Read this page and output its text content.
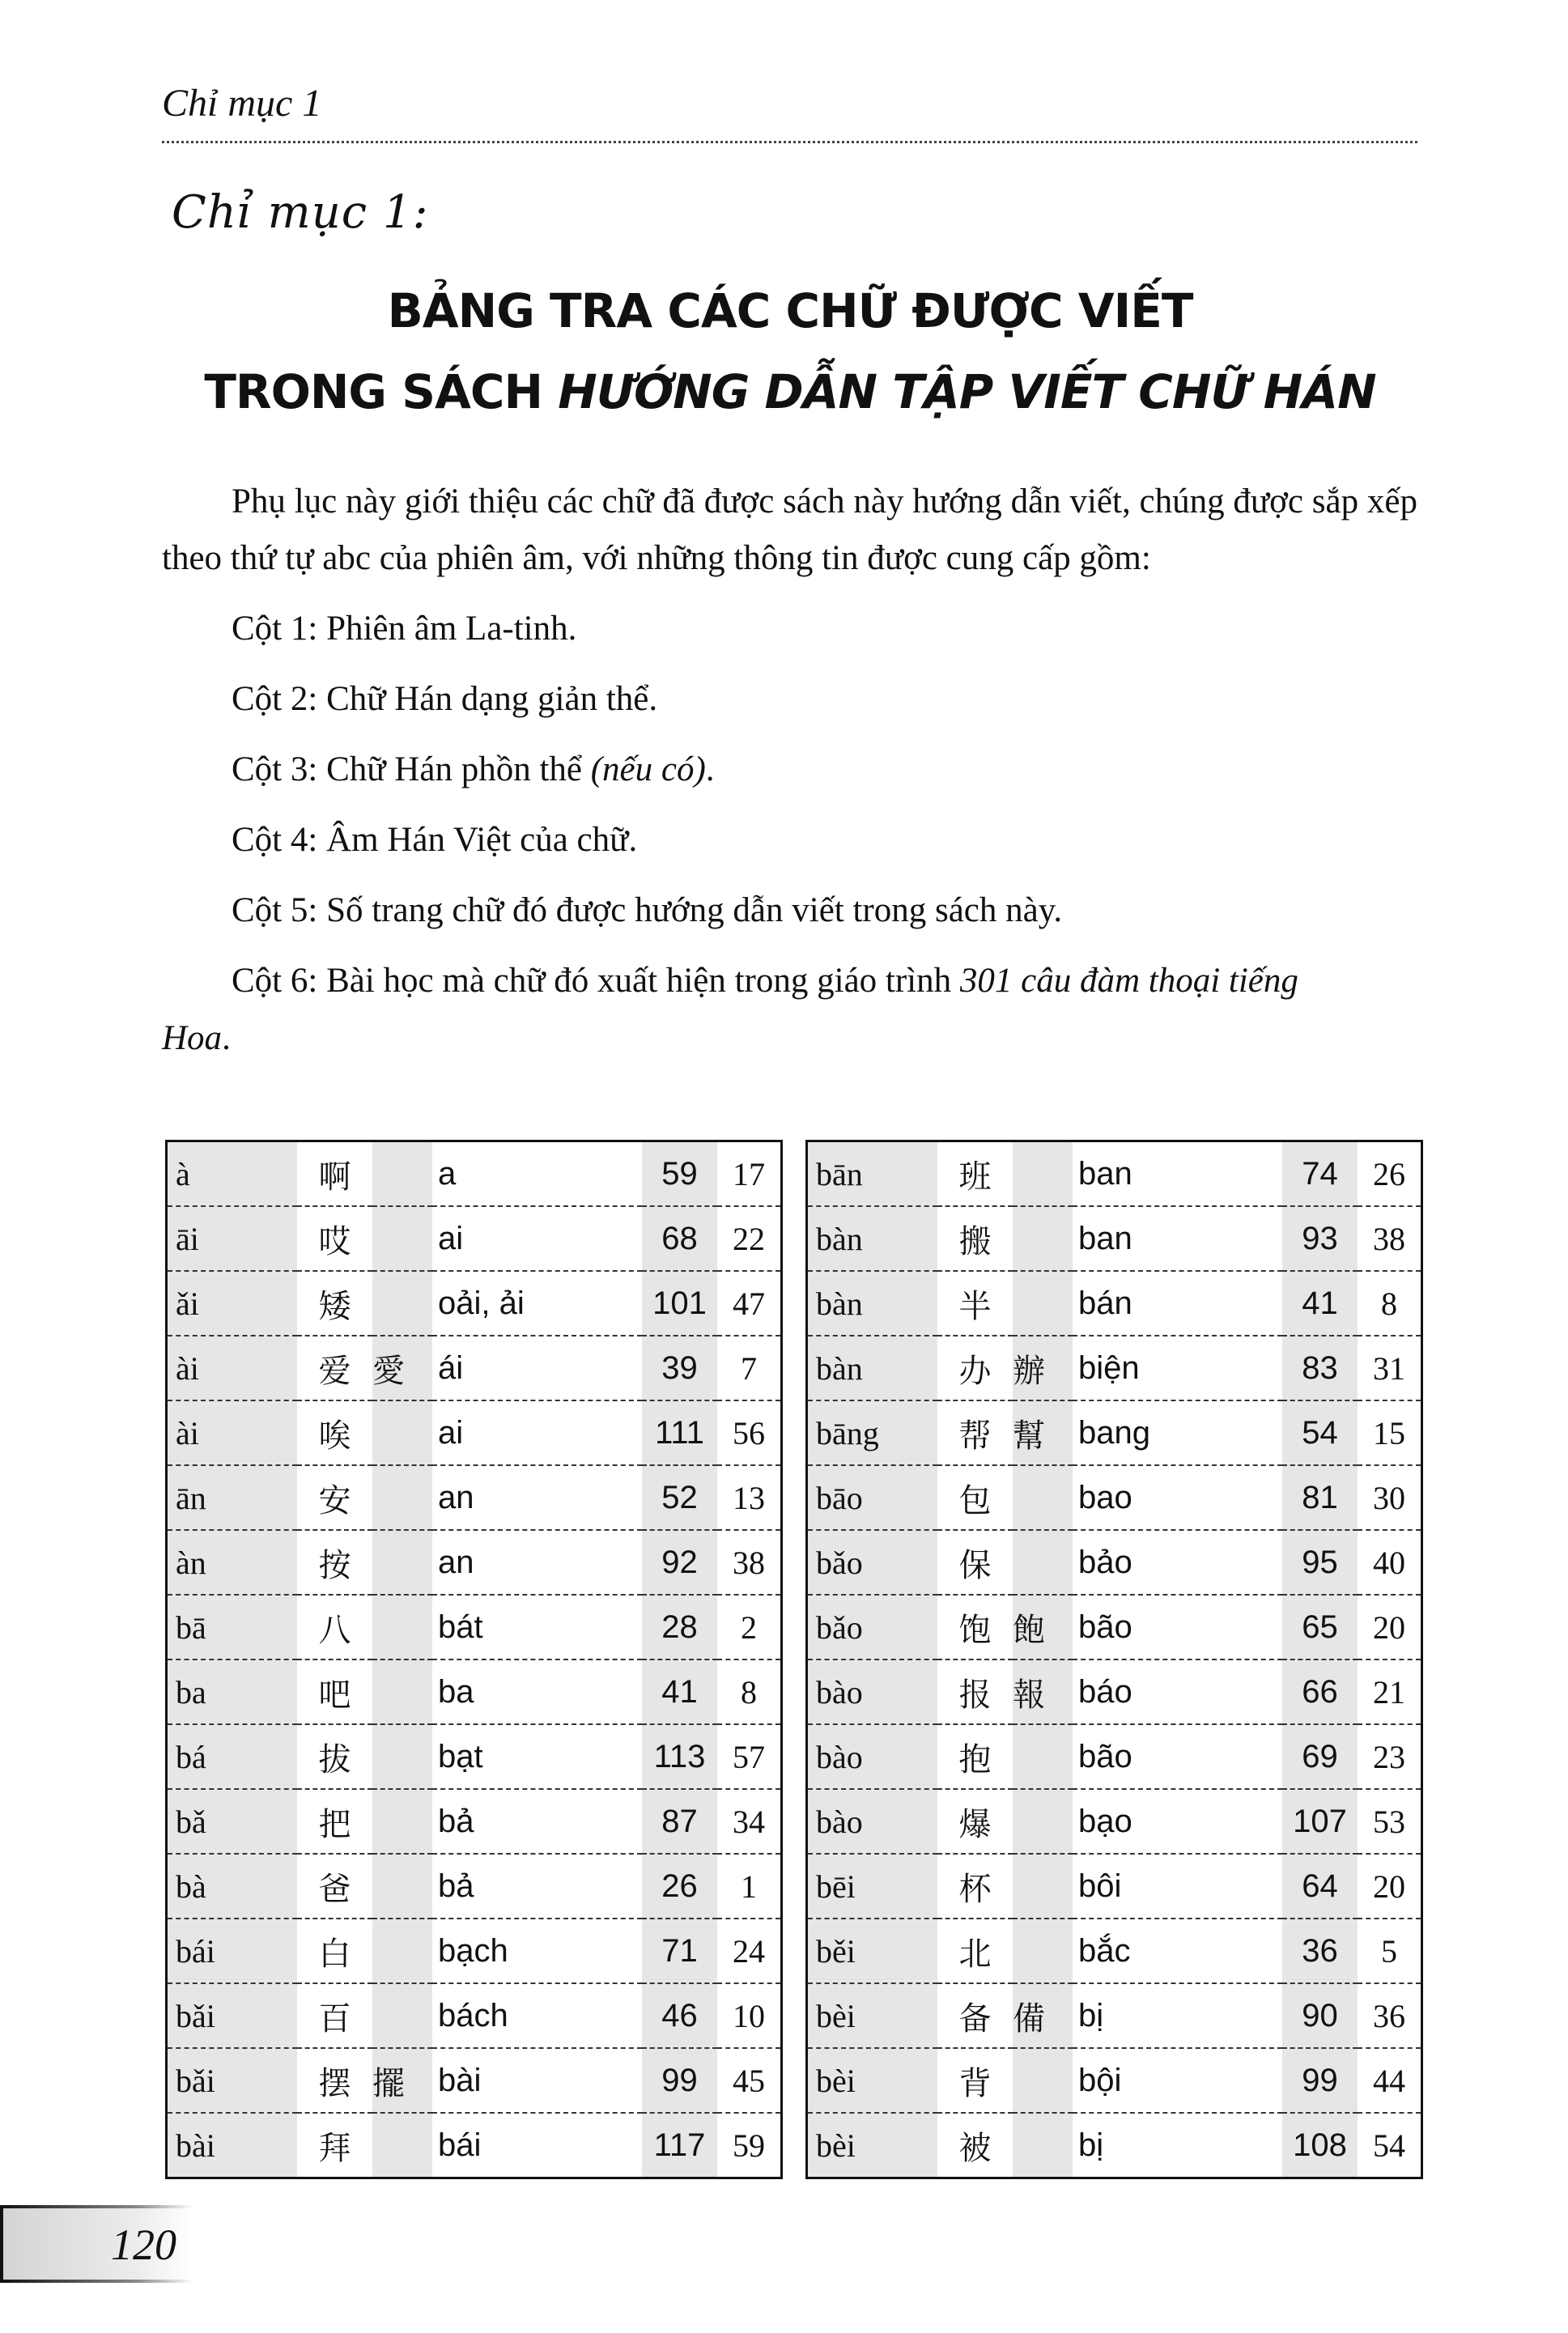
Chỉ mục 1
Chỉ mục 1:
BẢNG TRA CÁC CHỮ ĐƯỢC VIẾT
TRONG SÁCH HƯỚNG DẪN TẬP VIẾT CHỮ HÁN
Phụ lục này giới thiệu các chữ đã được sách này hướng dẫn viết, chúng được sắp xếp theo thứ tự abc của phiên âm, với những thông tin được cung cấp gồm:
Cột 1: Phiên âm La-tinh.
Cột 2: Chữ Hán dạng giản thể.
Cột 3: Chữ Hán phồn thể (nếu có).
Cột 4: Âm Hán Việt của chữ.
Cột 5: Số trang chữ đó được hướng dẫn viết trong sách này.
Cột 6: Bài học mà chữ đó xuất hiện trong giáo trình 301 câu đàm thoại tiếng
Hoa.
à	啊		a	59	17
āi	哎		ai	68	22
ǎi	矮		oải, ải	101	47
ài	爱	愛	ái	39	7
ài	唉		ai	111	56
ān	安		an	52	13
àn	按		an	92	38
bā	八		bát	28	2
ba	吧		ba	41	8
bá	拔		bạt	113	57
bǎ	把		bả	87	34
bà	爸		bả	26	1
bái	白		bạch	71	24
bǎi	百		bách	46	10
bǎi	摆	擺	bài	99	45
bài	拜		bái	117	59
bān	班		ban	74	26
bàn	搬		ban	93	38
bàn	半		bán	41	8
bàn	办	辦	biện	83	31
bāng	帮	幫	bang	54	15
bāo	包		bao	81	30
bǎo	保		bảo	95	40
bǎo	饱	飽	bão	65	20
bào	报	報	báo	66	21
bào	抱		bão	69	23
bào	爆		bạo	107	53
bēi	杯		bôi	64	20
běi	北		bắc	36	5
bèi	备	備	bị	90	36
bèi	背		bội	99	44
bèi	被		bị	108	54
120
